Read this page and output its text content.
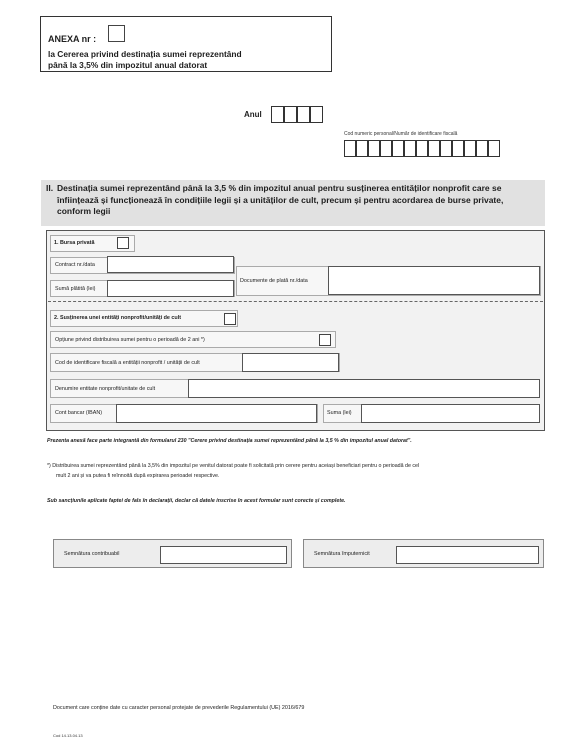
ANEXA nr :
la Cererea privind destinația sumei reprezentând
până la 3,5% din impozitul anual datorat
Anul
Cod numeric personal/Număr de identificare fiscală
II. Destinația sumei reprezentând până la 3,5 % din impozitul anual pentru susținerea entităților nonprofit care se înființează și funcționează în condițiile legii și a unităților de cult, precum și pentru acordarea de burse private, conform legii
1. Bursa privată
Contract nr./data
Sumă plătită (lei)
Documente de plată nr./data
2. Susținerea unei entități nonprofit/unități de cult
Opțiune privind distribuirea sumei pentru o perioadă de 2 ani *)
Cod de identificare fiscală a entității nonprofit / unității de cult
Denumire entitate nonprofit/unitate de cult
Cont bancar (IBAN)	Suma (lei)
Prezenta anexă face parte integrantă din formularul 230 "Cerere privind destinația sumei reprezentând până la 3,5 % din impozitul anual datorat".
*) Distribuirea sumei reprezentând până la 3,5% din impozitul pe venitul datorat poate fi solicitată prin cerere pentru aceiași beneficiari pentru o perioadă de cel
mult 2 ani și va putea fi reînnoită după expirarea perioadei respective.
Sub sancțiunile aplicate faptei de fals în declarații, declar că datele inscrise în acest formular sunt corecte și complete.
Semnătura contribuabil	Semnătura împuternicit
Document care conține date cu caracter personal protejate de prevederile Regulamentului (UE) 2016/679
Cod 14.13.04.13
